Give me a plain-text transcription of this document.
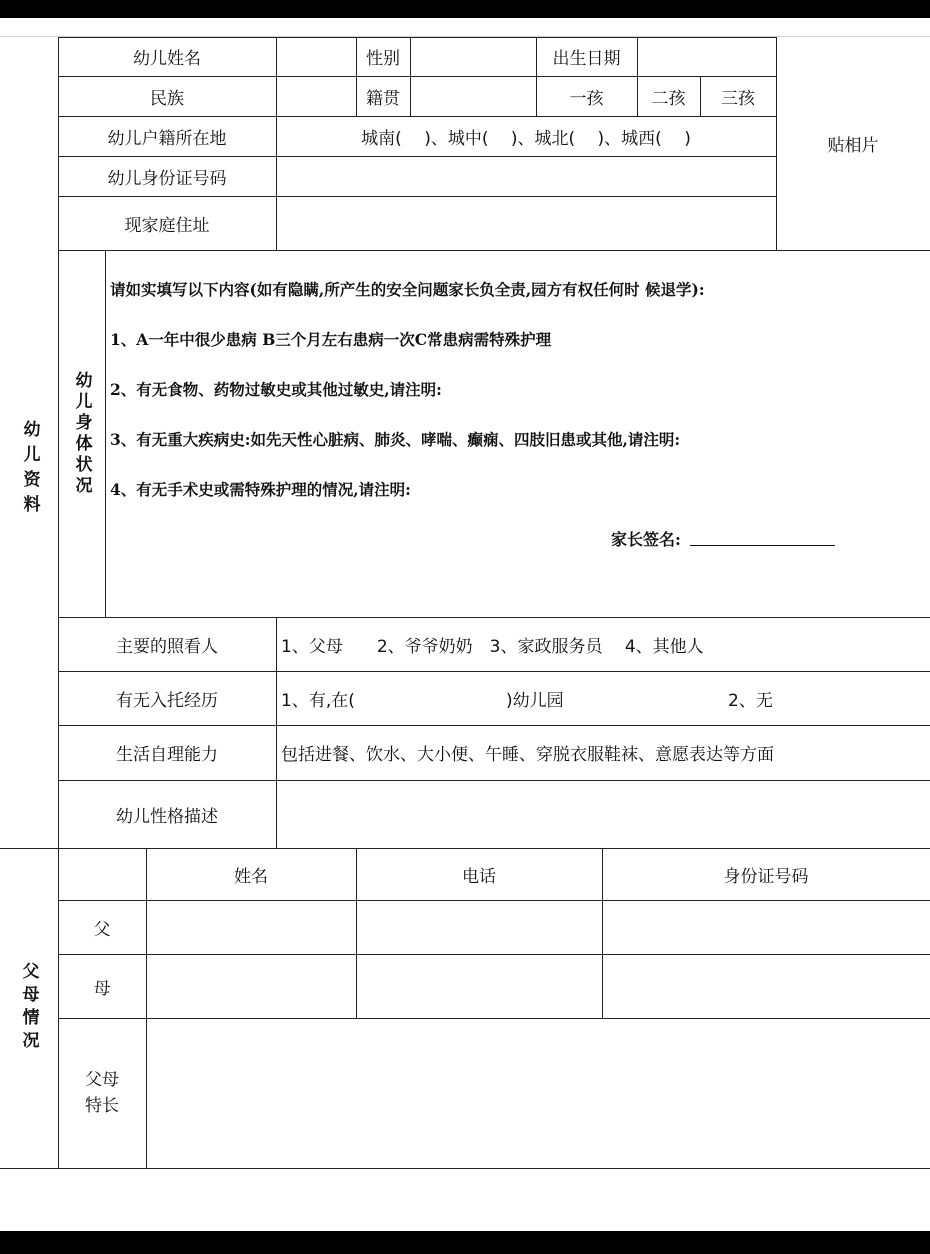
幼儿资料
幼儿姓名	性别	出生日期
民族	籍贯	一孩	二孩	三孩
幼儿户籍所在地	城南(　 )、城中(　 )、城北(　 )、城西(　 )
幼儿身份证号码
现家庭住址
贴相片
幼儿身体状况
请如实填写以下内容(如有隐瞒,所产生的安全问题家长负全责,园方有权任何时 候退学):
1、A一年中很少患病 B三个月左右患病一次C常患病需特殊护理
2、有无食物、药物过敏史或其他过敏史,请注明:
3、有无重大疾病史:如先天性心脏病、肺炎、哮喘、癫痫、四肢旧患或其他,请注明:
4、有无手术史或需特殊护理的情况,请注明:
家长签名:
主要的照看人	1、父母　　2、爷爷奶奶　3、家政服务员　 4、其他人
有无入托经历	1、有,在(	)幼儿园	2、无
生活自理能力	包括进餐、饮水、大小便、午睡、穿脱衣服鞋袜、意愿表达等方面
幼儿性格描述
父母情况
姓名	电话	身份证号码
父
母
父母特长
